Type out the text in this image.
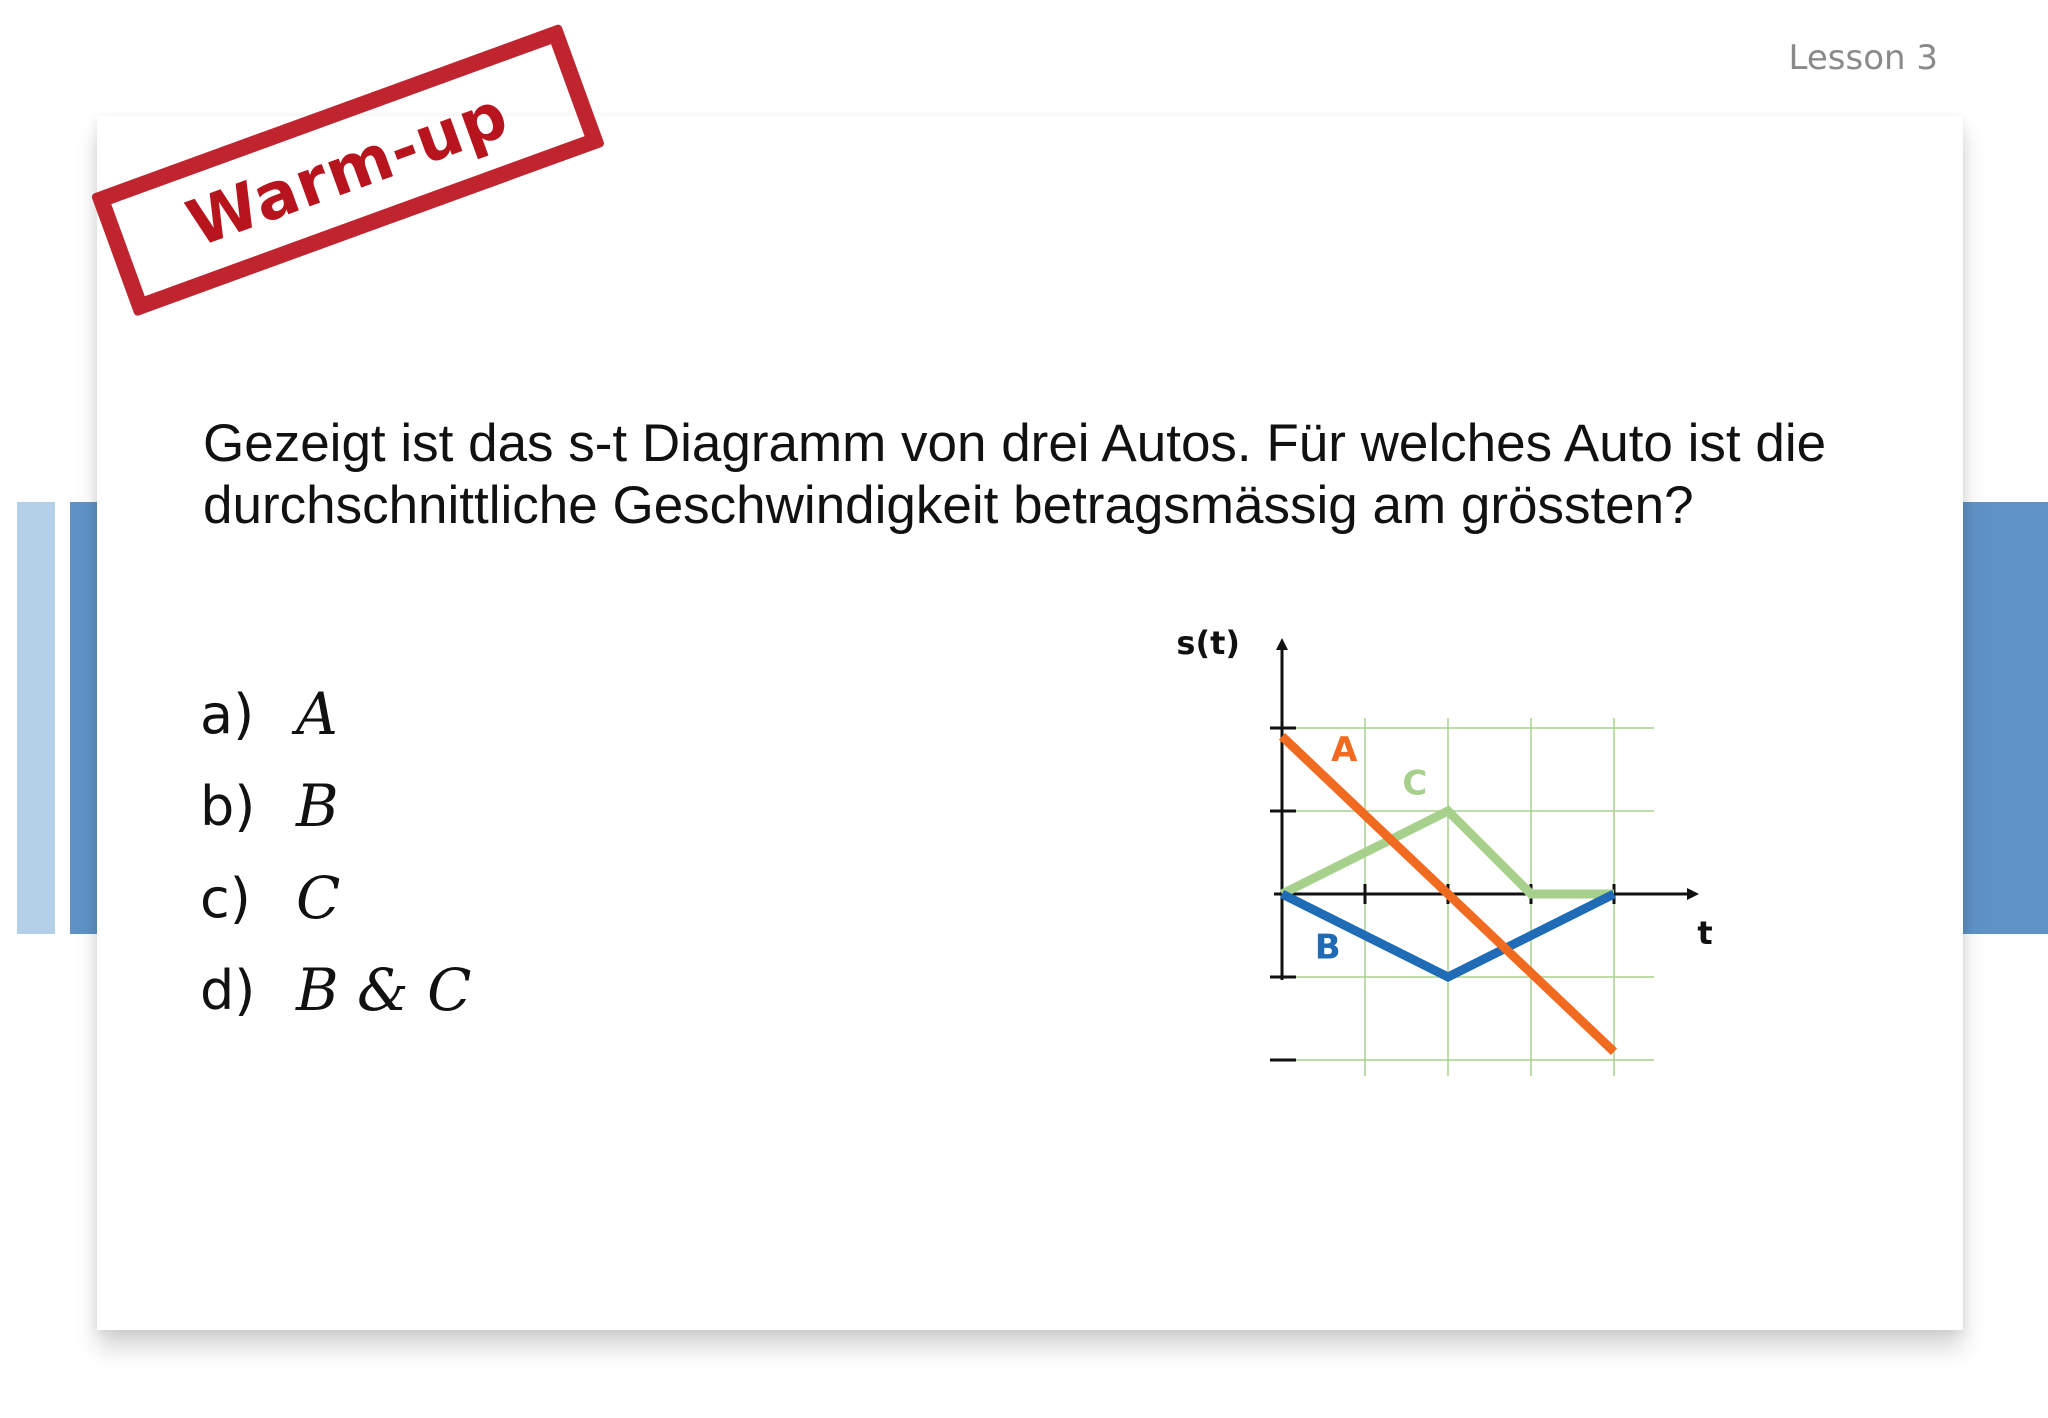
Lesson 3
Warm-up
Gezeigt ist das s-t Diagramm von drei Autos. Für welches Auto ist die
durchschnittliche Geschwindigkeit betragsmässig am grössten?
a) A
b) B
c) C
d) B & C
s(t)
t
A
B
C
